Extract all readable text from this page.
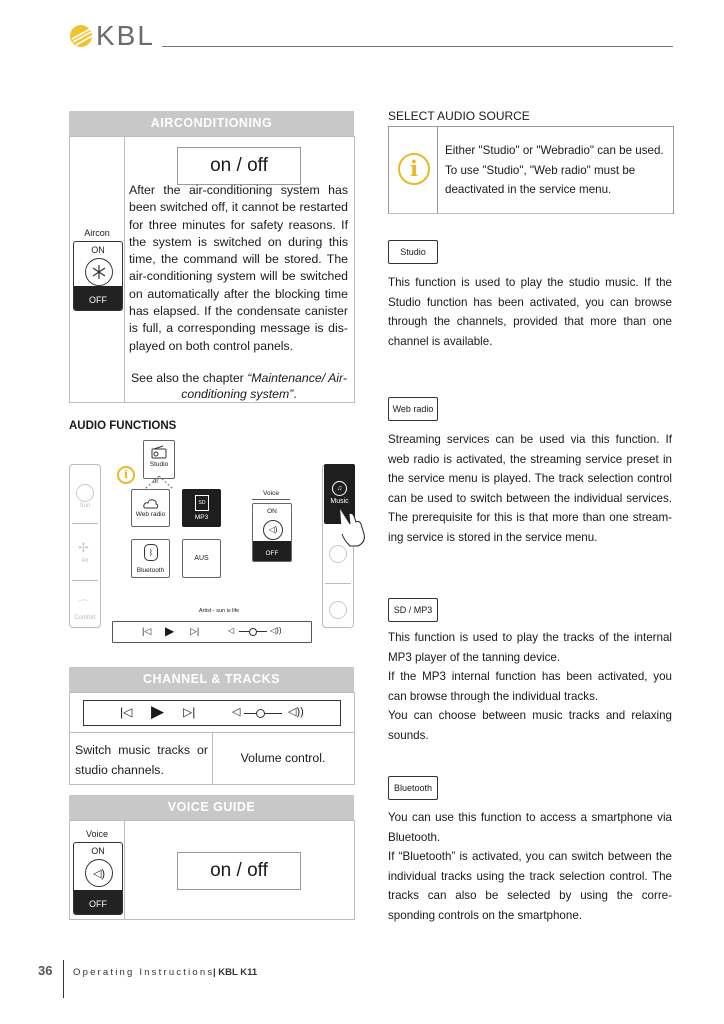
KBL
AIRCONDITIONING
Aircon
ON
OFF
on / off
After the air-conditioning system has been switched off, it cannot be restarted for three minutes for safety reasons. If the system is switched on during this time, the command will be stored. The air-conditioning system will be switched on automatically after the blocking time has elapsed. If the condensate canister is full, a corresponding message is dis-played on both control panels.
See also the chapter “Maintenance/ Air-conditioning system”.
AUDIO FUNCTIONS
Sun
✢
Air
⌒
Comfort
♫
Music
i
Studio
or
Web radio
SD
MP3
Voice
ON
◁)
OFF
ᛒ
Bluetooth
AUS
Artist - sun is life
|◁ ▶ ▷|	◁	◁))
CHANNEL & TRACKS
|◁ ▶ ▷|	◁	◁))
Switch music tracks or studio channels.
Volume control.
VOICE GUIDE
Voice
ON
◁)
OFF
on / off
SELECT AUDIO SOURCE
i
Either "Studio" or "Webradio" can be used. To use "Studio", "Web radio" must be deactivated in the service menu.
Studio
This function is used to play the studio music. If the Studio function has been activated, you can browse through the channels, provided that more than one channel is available.
Web radio
Streaming services can be used via this function. If web radio is activated, the streaming service preset in the service menu is played. The track selection control can be used to switch between the individual services. The prerequisite for this is that more than one stream-ing service is stored in the service menu.
SD / MP3
This function is used to play the tracks of the internal MP3 player of the tanning device.
If the MP3 internal function has been activated, you can browse through the individual tracks.
You can choose between music tracks and relaxing sounds.
Bluetooth
You can use this function to access a smartphone via Bluetooth.
If “Bluetooth” is activated, you can switch between the individual tracks using the track selection control. The tracks can also be selected by using the corre-sponding controls on the smartphone.
36 Operating Instructions
| KBL K11
